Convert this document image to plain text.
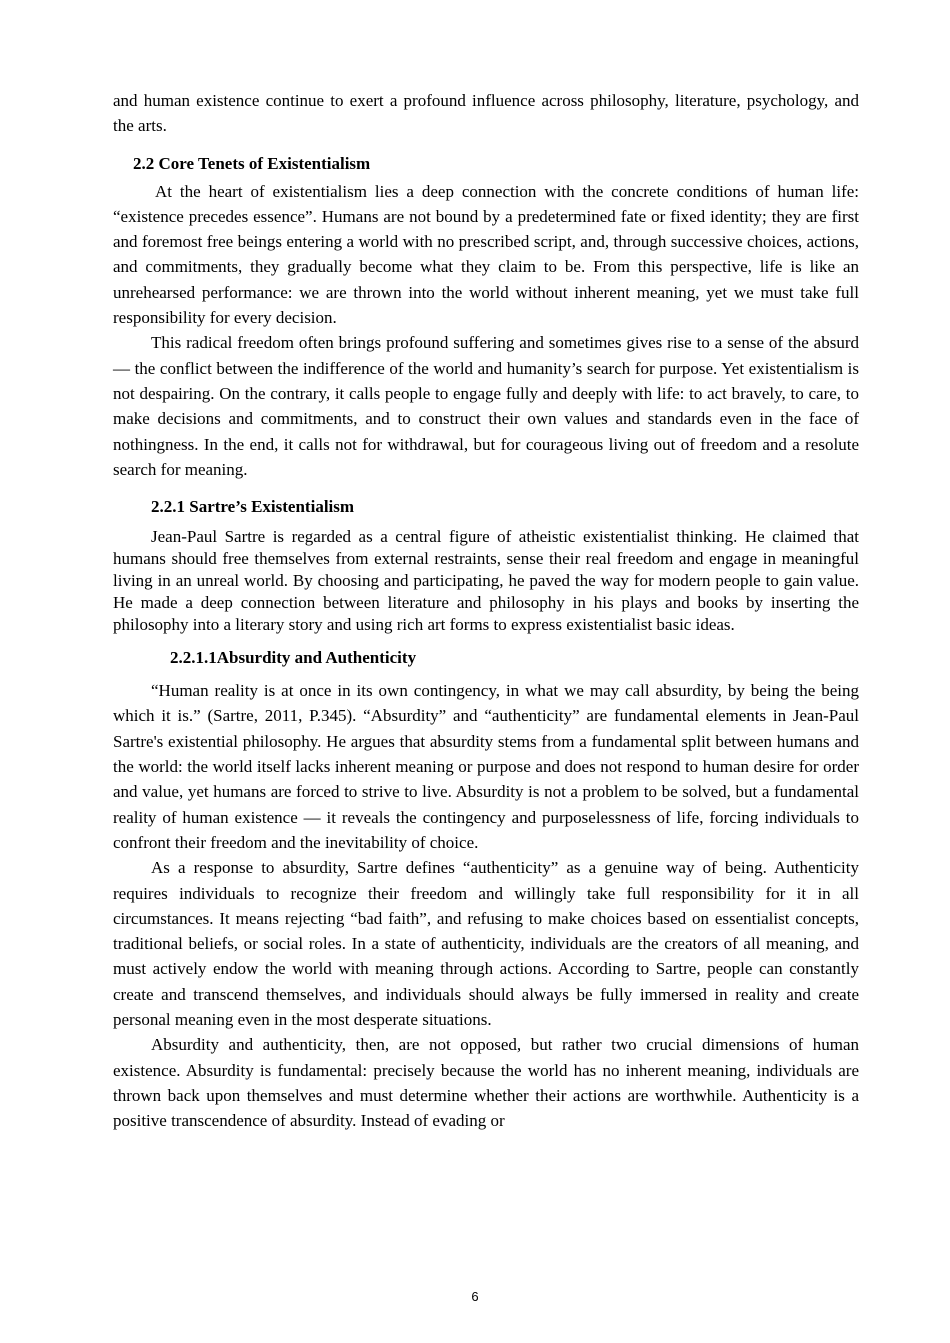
and human existence continue to exert a profound influence across philosophy, literature, psychology, and the arts.

2.2 Core Tenets of Existentialism

At the heart of existentialism lies a deep connection with the concrete conditions of human life: “existence precedes essence”. Humans are not bound by a predetermined fate or fixed identity; they are first and foremost free beings entering a world with no prescribed script, and, through successive choices, actions, and commitments, they gradually become what they claim to be. From this perspective, life is like an unrehearsed performance: we are thrown into the world without inherent meaning, yet we must take full responsibility for every decision.

This radical freedom often brings profound suffering and sometimes gives rise to a sense of the absurd — the conflict between the indifference of the world and humanity’s search for purpose. Yet existentialism is not despairing. On the contrary, it calls people to engage fully and deeply with life: to act bravely, to care, to make decisions and commitments, and to construct their own values and standards even in the face of nothingness. In the end, it calls not for withdrawal, but for courageous living out of freedom and a resolute search for meaning.

2.2.1 Sartre’s Existentialism

Jean-Paul Sartre is regarded as a central figure of atheistic existentialist thinking. He claimed that humans should free themselves from external restraints, sense their real freedom and engage in meaningful living in an unreal world. By choosing and participating, he paved the way for modern people to gain value. He made a deep connection between literature and philosophy in his plays and books by inserting the philosophy into a literary story and using rich art forms to express existentialist basic ideas.

2.2.1.1Absurdity and Authenticity

“Human reality is at once in its own contingency, in what we may call absurdity, by being the being which it is.” (Sartre, 2011, P.345). “Absurdity” and “authenticity” are fundamental elements in Jean-Paul Sartre's existential philosophy. He argues that absurdity stems from a fundamental split between humans and the world: the world itself lacks inherent meaning or purpose and does not respond to human desire for order and value, yet humans are forced to strive to live. Absurdity is not a problem to be solved, but a fundamental reality of human existence — it reveals the contingency and purposelessness of life, forcing individuals to confront their freedom and the inevitability of choice.

As a response to absurdity, Sartre defines “authenticity” as a genuine way of being. Authenticity requires individuals to recognize their freedom and willingly take full responsibility for it in all circumstances. It means rejecting “bad faith”, and refusing to make choices based on essentialist concepts, traditional beliefs, or social roles. In a state of authenticity, individuals are the creators of all meaning, and must actively endow the world with meaning through actions. According to Sartre, people can constantly create and transcend themselves, and individuals should always be fully immersed in reality and create personal meaning even in the most desperate situations.

Absurdity and authenticity, then, are not opposed, but rather two crucial dimensions of human existence. Absurdity is fundamental: precisely because the world has no inherent meaning, individuals are thrown back upon themselves and must determine whether their actions are worthwhile. Authenticity is a positive transcendence of absurdity. Instead of evading or

6
